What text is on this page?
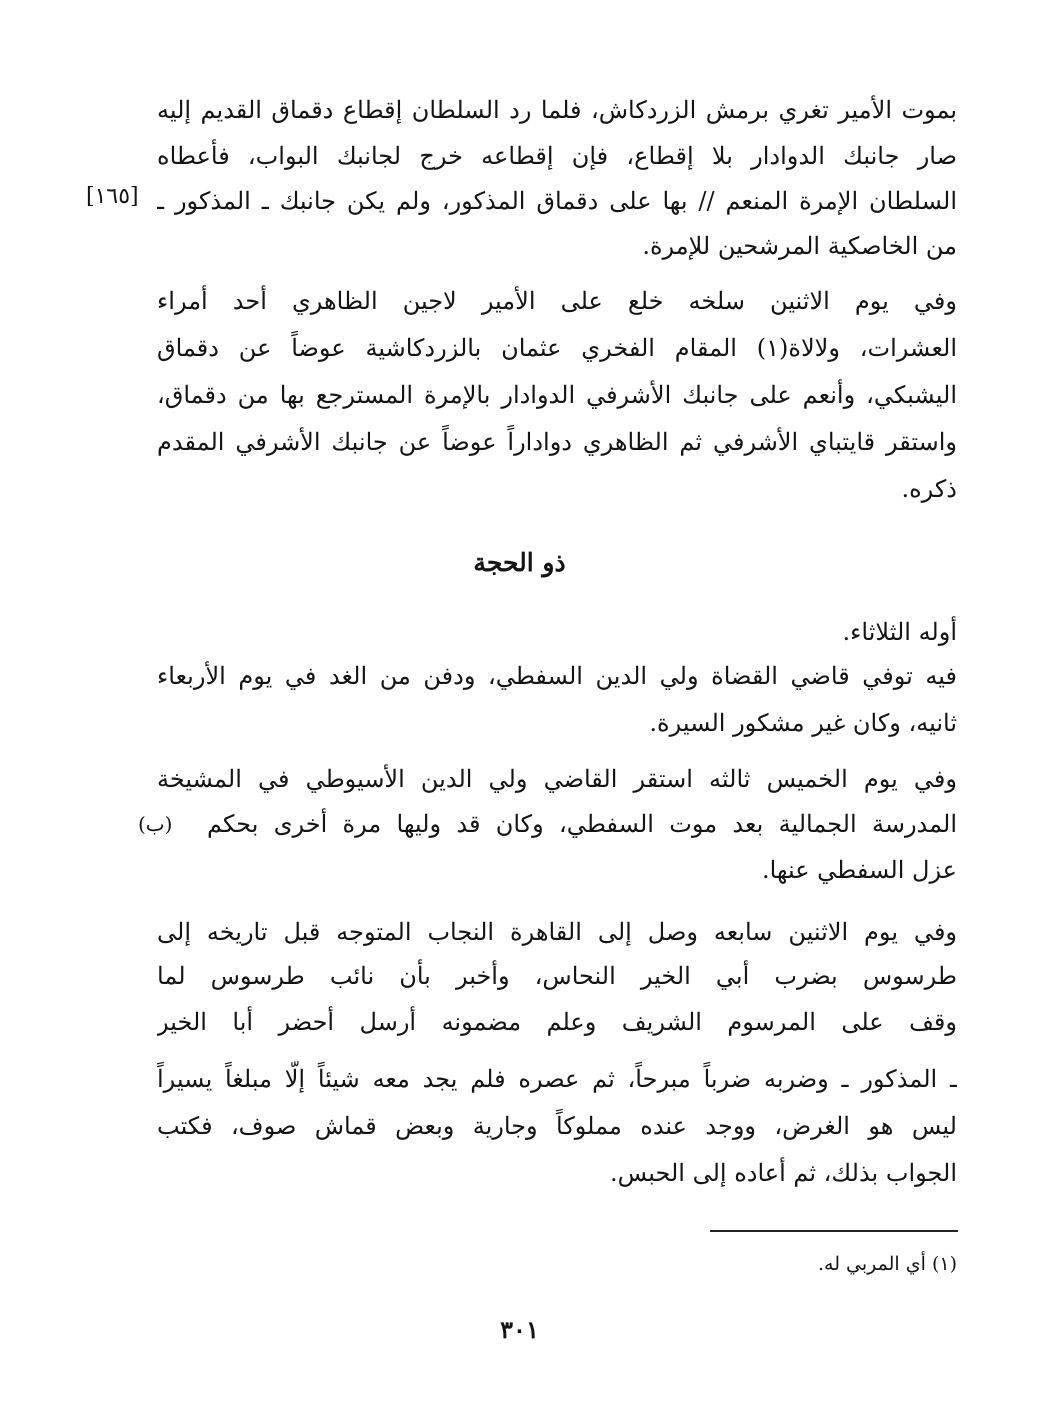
بموت الأمير تغري برمش الزردكاش، فلما رد السلطان إقطاع دقماق القديم إليه
صار جانبك الدوادار بلا إقطاع، فإن إقطاعه خرج لجانبك البواب، فأعطاه
السلطان الإمرة المنعم // بها على دقماق المذكور، ولم يكن جانبك ـ المذكور ـ
[١٦٥]
من الخاصكية المرشحين للإمرة.
وفي يوم الاثنين سلخه خلع على الأمير لاجين الظاهري أحد أمراء
العشرات، ولالاة(١) المقام الفخري عثمان بالزردكاشية عوضاً عن دقماق
اليشبكي، وأنعم على جانبك الأشرفي الدوادار بالإمرة المسترجع بها من دقماق،
واستقر قايتباي الأشرفي ثم الظاهري دواداراً عوضاً عن جانبك الأشرفي المقدم
ذكره.
ذو الحجة
أوله الثلاثاء.
فيه توفي قاضي القضاة ولي الدين السفطي، ودفن من الغد في يوم الأربعاء
ثانيه، وكان غير مشكور السيرة.
وفي يوم الخميس ثالثه استقر القاضي ولي الدين الأسيوطي في المشيخة
المدرسة الجمالية بعد موت السفطي، وكان قد وليها مرة أخرى بحكم
(ب)
عزل السفطي عنها.
وفي يوم الاثنين سابعه وصل إلى القاهرة النجاب المتوجه قبل تاريخه إلى
طرسوس بضرب أبي الخير النحاس، وأخبر بأن نائب طرسوس لما
وقف على المرسوم الشريف وعلم مضمونه أرسل أحضر أبا الخير
ـ المذكور ـ وضربه ضرباً مبرحاً، ثم عصره فلم يجد معه شيئاً إلّا مبلغاً يسيراً
ليس هو الغرض، ووجد عنده مملوكاً وجارية وبعض قماش صوف، فكتب
الجواب بذلك، ثم أعاده إلى الحبس.
(١) أي المربي له.
٣٠١
